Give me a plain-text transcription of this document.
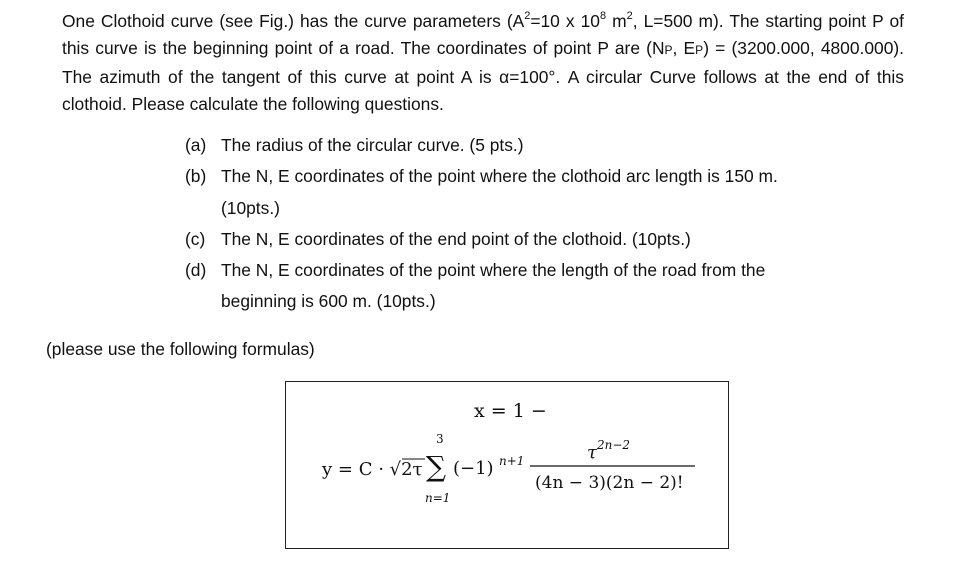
One Clothoid curve (see Fig.) has the curve parameters ($A^2=10$ x $10^8$ $m^2$, L=500 m). The starting point P of this curve is the beginning point of a road. The coordinates of point P are (NP, EP) = (3200.000, 4800.000). The azimuth of the tangent of this curve at point A is α=100°. A circular Curve follows at the end of this clothoid. Please calculate the following questions.
(a) The radius of the circular curve. (5 pts.)
(b) The N, E coordinates of the point where the clothoid arc length is 150 m.
(10pts.)
(c) The N, E coordinates of the end point of the clothoid. (10pts.)
(d) The N, E coordinates of the point where the length of the road from the
beginning is 600 m. (10pts.)
(please use the following formulas)
x = 1 −
y = C · √2τ
3
∑
n=1
(−1) n+1	τ 2n−2
(4n − 3)(2n − 2)!
